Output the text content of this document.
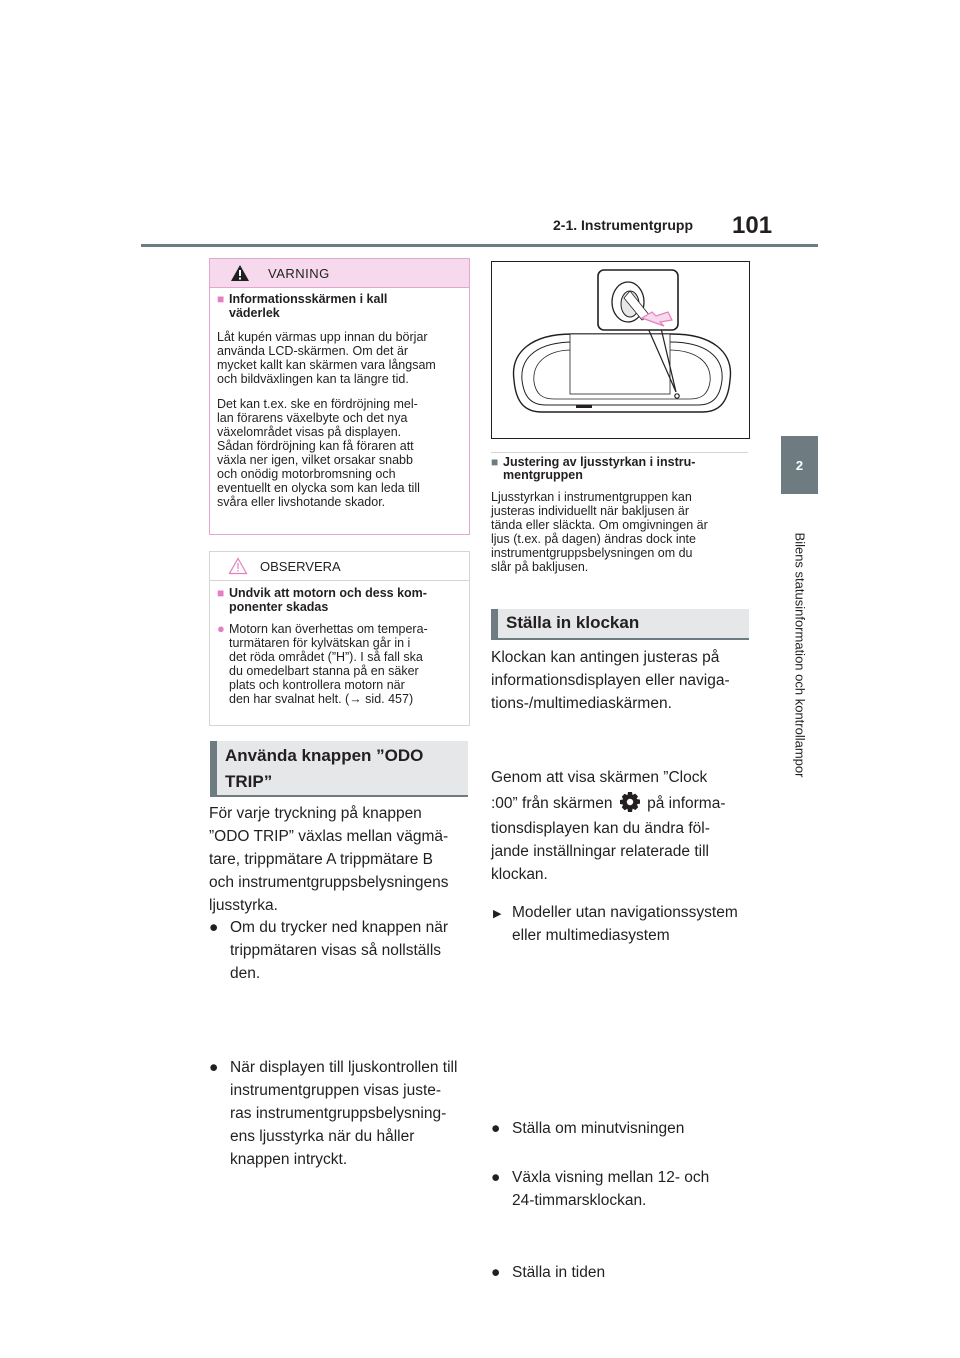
2-1. Instrumentgrupp 101
2
Bilens statusinformation och kontrollampor
VARNING
■ Informationsskärmen i kall
väderlek
Låt kupén värmas upp innan du börjar
använda LCD-skärmen. Om det är
mycket kallt kan skärmen vara långsam
och bildväxlingen kan ta längre tid.
Det kan t.ex. ske en fördröjning mel-
lan förarens växelbyte och det nya
växelområdet visas på displayen.
Sådan fördröjning kan få föraren att
växla ner igen, vilket orsakar snabb
och onödig motorbromsning och
eventuellt en olycka som kan leda till
svåra eller livshotande skador.
OBSERVERA
■ Undvik att motorn och dess kom-
ponenter skadas
● Motorn kan överhettas om tempera-
turmätaren för kylvätskan går in i
det röda området (”H”). I så fall ska
du omedelbart stanna på en säker
plats och kontrollera motorn när
den har svalnat helt. (→ sid. 457)
Använda knappen ”ODO
TRIP”
För varje tryckning på knappen
”ODO TRIP” växlas mellan vägmä-
tare, trippmätare A trippmätare B
och instrumentgruppsbelysningens
ljusstyrka.
● Om du trycker ned knappen när
trippmätaren visas så nollställs
den.
● När displayen till ljuskontrollen till
instrumentgruppen visas juste-
ras instrumentgruppsbelysning-
ens ljusstyrka när du håller
knappen intryckt.
■ Justering av ljusstyrkan i instru-
mentgruppen
Ljusstyrkan i instrumentgruppen kan
justeras individuellt när bakljusen är
tända eller släckta. Om omgivningen är
ljus (t.ex. på dagen) ändras dock inte
instrumentgruppsbelysningen om du
slår på bakljusen.
Ställa in klockan
Klockan kan antingen justeras på
informationsdisplayen eller naviga-
tions-/multimediaskärmen.
▶ Modeller utan navigationssystem
eller multimediasystem
Genom att visa skärmen ”Clock
:00” från skärmen på informa-
tionsdisplayen kan du ändra föl-
jande inställningar relaterade till
klockan.
● Ställa om minutvisningen
● Växla visning mellan 12- och
24-timmarsklockan.
● Ställa in tiden
